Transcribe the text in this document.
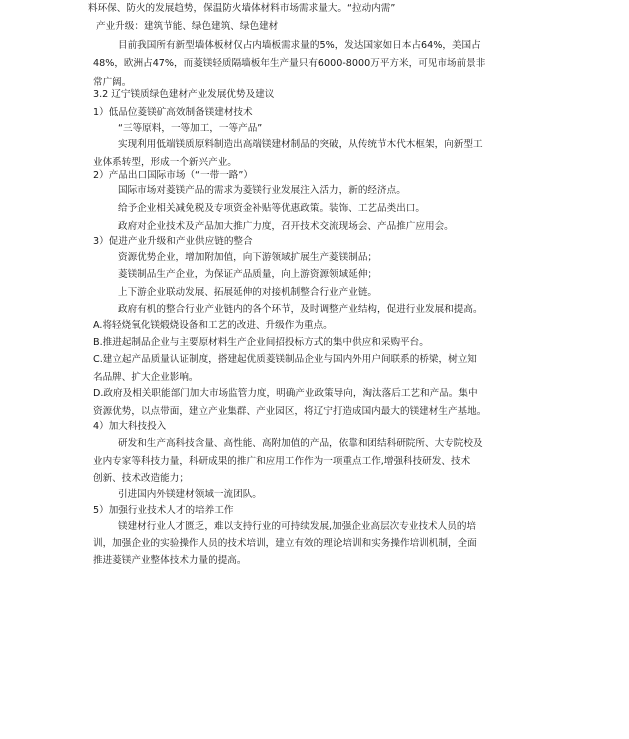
料环保、防火的发展趋势，保温防火墙体材料市场需求量大。“拉动内需”
产业升级：建筑节能、绿色建筑、绿色建材
目前我国所有新型墙体板材仅占内墙板需求量的5%，发达国家如日本占64%，美国占
48%，欧洲占47%，而菱镁轻质隔墙板年生产量只有6000-8000万平方米，可见市场前景非
常广阔。
3.2 辽宁镁质绿色建材产业发展优势及建议
1）低品位菱镁矿高效制备镁建材技术
“三等原料，一等加工，一等产品”
实现利用低端镁质原料制造出高端镁建材制品的突破，从传统节木代木框架，向新型工
业体系转型，形成一个新兴产业。
2）产品出口国际市场（“一带一路”）
国际市场对菱镁产品的需求为菱镁行业发展注入活力，新的经济点。
给予企业相关减免税及专项资金补贴等优惠政策。装饰、工艺品类出口。
政府对企业技术及产品加大推广力度，召开技术交流现场会、产品推广应用会。
3）促进产业升级和产业供应链的整合
资源优势企业，增加附加值，向下游领域扩展生产菱镁制品；
菱镁制品生产企业，为保证产品质量，向上游资源领域延伸；
上下游企业联动发展、拓展延伸的对接机制整合行业产业链。
政府有机的整合行业产业链内的各个环节，及时调整产业结构，促进行业发展和提高。
A.将轻烧氧化镁煅烧设备和工艺的改进、升级作为重点。
B.推进起制品企业与主要原材料生产企业间招投标方式的集中供应和采购平台。
C.建立起产品质量认证制度，搭建起优质菱镁制品企业与国内外用户间联系的桥梁，树立知
名品牌、扩大企业影响。
D.政府及相关职能部门加大市场监管力度，明确产业政策导向，淘汰落后工艺和产品。集中
资源优势，以点带面，建立产业集群、产业园区，将辽宁打造成国内最大的镁建材生产基地。
4）加大科技投入
研发和生产高科技含量、高性能、高附加值的产品，依靠和团结科研院所、大专院校及
业内专家等科技力量，科研成果的推广和应用工作作为一项重点工作,增强科技研发、技术
创新、技术改造能力；
引进国内外镁建材领域一流团队。
5）加强行业技术人才的培养工作
镁建材行业人才匮乏，难以支持行业的可持续发展,加强企业高层次专业技术人员的培
训，加强企业的实验操作人员的技术培训，建立有效的理论培训和实务操作培训机制，全面
推进菱镁产业整体技术力量的提高。
